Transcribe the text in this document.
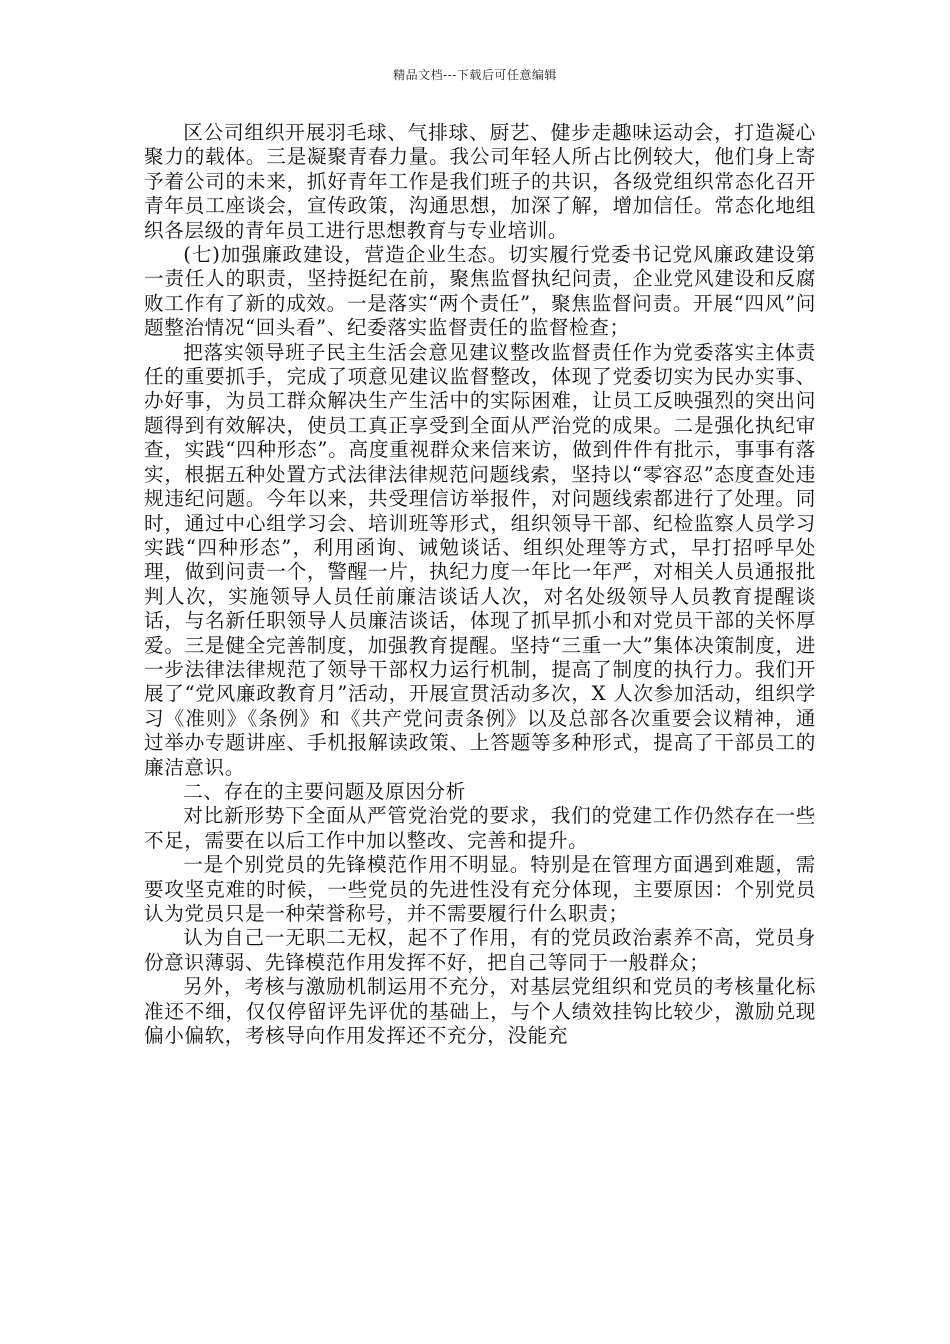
精品文档---下载后可任意编辑

区公司组织开展羽毛球、气排球、厨艺、健步走趣味运动会，打造凝心聚力的载体。三是凝聚青春力量。我公司年轻人所占比例较大，他们身上寄予着公司的未来，抓好青年工作是我们班子的共识，各级党组织常态化召开青年员工座谈会，宣传政策，沟通思想，加深了解，增加信任。常态化地组织各层级的青年员工进行思想教育与专业培训。

(七)加强廉政建设，营造企业生态。切实履行党委书记党风廉政建设第一责任人的职责，坚持挺纪在前，聚焦监督执纪问责，企业党风建设和反腐败工作有了新的成效。一是落实“两个责任”，聚焦监督问责。开展“四风”问题整治情况“回头看”、纪委落实监督责任的监督检查；

把落实领导班子民主生活会意见建议整改监督责任作为党委落实主体责任的重要抓手，完成了项意见建议监督整改，体现了党委切实为民办实事、办好事，为员工群众解决生产生活中的实际困难，让员工反映强烈的突出问题得到有效解决，使员工真正享受到全面从严治党的成果。二是强化执纪审查，实践“四种形态”。高度重视群众来信来访，做到件件有批示，事事有落实，根据五种处置方式法律法律规范问题线索，坚持以“零容忍”态度查处违规违纪问题。今年以来，共受理信访举报件，对问题线索都进行了处理。同时，通过中心组学习会、培训班等形式，组织领导干部、纪检监察人员学习实践“四种形态”，利用函询、诫勉谈话、组织处理等方式，早打招呼早处理，做到问责一个，警醒一片，执纪力度一年比一年严，对相关人员通报批判人次，实施领导人员任前廉洁谈话人次，对名处级领导人员教育提醒谈话，与名新任职领导人员廉洁谈话，体现了抓早抓小和对党员干部的关怀厚爱。三是健全完善制度，加强教育提醒。坚持“三重一大”集体决策制度，进一步法律法律规范了领导干部权力运行机制，提高了制度的执行力。我们开展了“党风廉政教育月”活动，开展宣贯活动多次，X 人次参加活动，组织学习《准则》《条例》和《共产党问责条例》以及总部各次重要会议精神，通过举办专题讲座、手机报解读政策、上答题等多种形式，提高了干部员工的廉洁意识。

二、存在的主要问题及原因分析

对比新形势下全面从严管党治党的要求，我们的党建工作仍然存在一些不足，需要在以后工作中加以整改、完善和提升。

一是个别党员的先锋模范作用不明显。特别是在管理方面遇到难题，需要攻坚克难的时候，一些党员的先进性没有充分体现，主要原因：个别党员认为党员只是一种荣誉称号，并不需要履行什么职责；

认为自己一无职二无权，起不了作用，有的党员政治素养不高，党员身份意识薄弱、先锋模范作用发挥不好，把自己等同于一般群众；

另外，考核与激励机制运用不充分，对基层党组织和党员的考核量化标准还不细，仅仅停留评先评优的基础上，与个人绩效挂钩比较少，激励兑现偏小偏软，考核导向作用发挥还不充分，没能充
